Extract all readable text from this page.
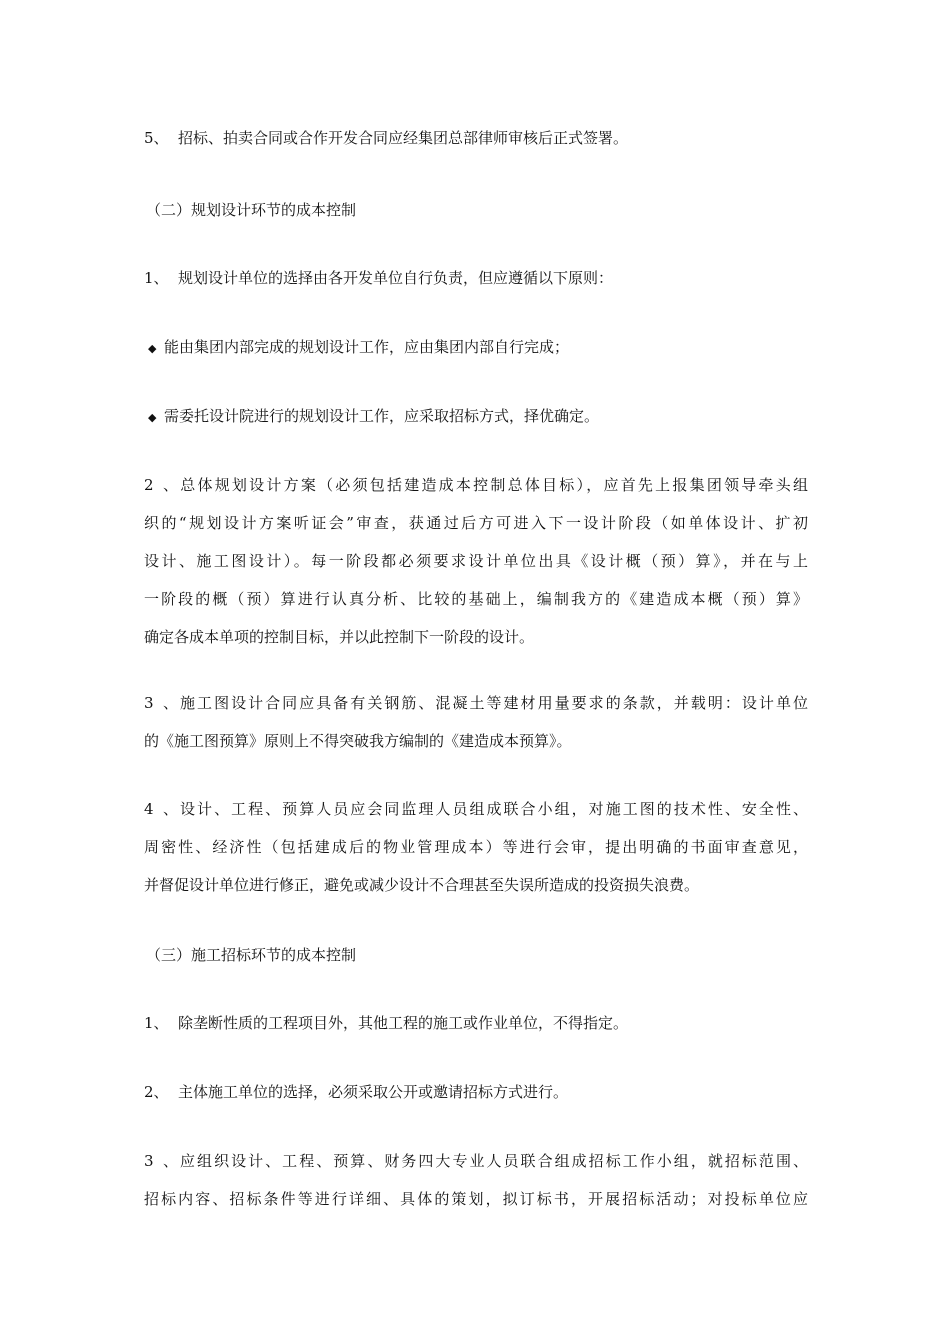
5、 招标、拍卖合同或合作开发合同应经集团总部律师审核后正式签署。
（二）规划设计环节的成本控制
1、 规划设计单位的选择由各开发单位自行负责，但应遵循以下原则：
◆ 能由集团内部完成的规划设计工作，应由集团内部自行完成；
◆ 需委托设计院进行的规划设计工作，应采取招标方式，择优确定。
2、总体规划设计方案（必须包括建造成本控制总体目标），应首先上报集团领导牵头组
织的“规划设计方案听证会”审查，获通过后方可进入下一设计阶段（如单体设计、扩初
设计、施工图设计）。每一阶段都必须要求设计单位出具《设计概（预）算》，并在与上
一阶段的概（预）算进行认真分析、比较的基础上，编制我方的《建造成本概（预）算》
确定各成本单项的控制目标，并以此控制下一阶段的设计。
3、施工图设计合同应具备有关钢筋、混凝土等建材用量要求的条款，并载明：设计单位
的《施工图预算》原则上不得突破我方编制的《建造成本预算》。
4、设计、工程、预算人员应会同监理人员组成联合小组，对施工图的技术性、安全性、
周密性、经济性（包括建成后的物业管理成本）等进行会审，提出明确的书面审查意见，
并督促设计单位进行修正，避免或减少设计不合理甚至失误所造成的投资损失浪费。
（三）施工招标环节的成本控制
1、 除垄断性质的工程项目外，其他工程的施工或作业单位，不得指定。
2、 主体施工单位的选择，必须采取公开或邀请招标方式进行。
3、应组织设计、工程、预算、财务四大专业人员联合组成招标工作小组，就招标范围、
招标内容、招标条件等进行详细、具体的策划，拟订标书，开展招标活动；对投标单位应
